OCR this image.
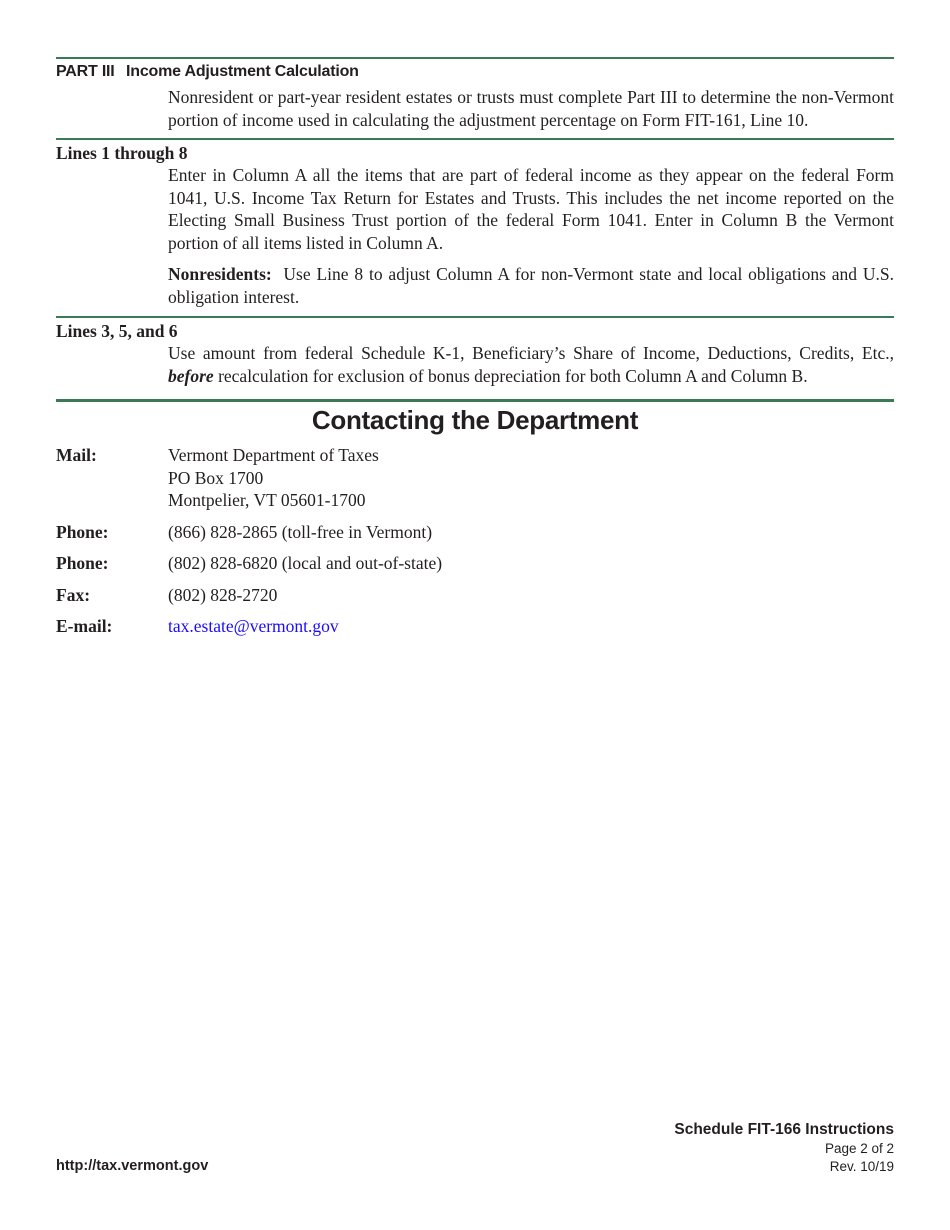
PART III Income Adjustment Calculation
Nonresident or part-year resident estates or trusts must complete Part III to determine the non-Vermont portion of income used in calculating the adjustment percentage on Form FIT-161, Line 10.
Lines 1 through 8
Enter in Column A all the items that are part of federal income as they appear on the federal Form 1041, U.S. Income Tax Return for Estates and Trusts. This includes the net income reported on the Electing Small Business Trust portion of the federal Form 1041. Enter in Column B the Vermont portion of all items listed in Column A.
Nonresidents: Use Line 8 to adjust Column A for non-Vermont state and local obligations and U.S. obligation interest.
Lines 3, 5, and 6
Use amount from federal Schedule K-1, Beneficiary’s Share of Income, Deductions, Credits, Etc., before recalculation for exclusion of bonus depreciation for both Column A and Column B.
Contacting the Department
Mail:	Vermont Department of Taxes
PO Box 1700
Montpelier, VT 05601-1700
Phone:	(866) 828-2865 (toll-free in Vermont)
Phone:	(802) 828-6820 (local and out-of-state)
Fax:	(802) 828-2720
E-mail:	tax.estate@vermont.gov
http://tax.vermont.gov
Schedule FIT-166 Instructions
Page 2 of 2
Rev. 10/19
